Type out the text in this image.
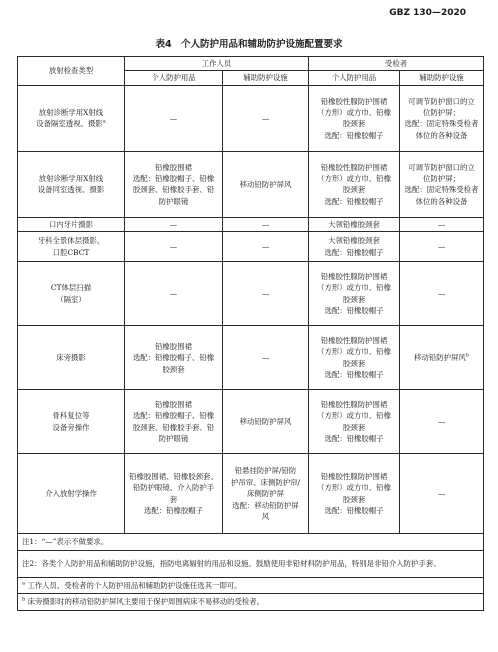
GBZ 130—2020
表4　个人防护用品和辅助防护设施配置要求
放射检查类型	工作人员		受检者	
	个人防护用品	辅助防护设施	个人防护用品	辅助防护设施
放射诊断学用X射线
设备隔室透视、摄影$^a$	—	—	铅橡胶性腺防护围裙
（方形）或方巾、铅橡
胶颈套
选配：铅橡胶帽子	可调节防护窗口的立
位防护屏；
选配：固定特殊受检者
体位的各种设备
放射诊断学用X射线
设备同室透视、摄影	铅橡胶围裙
选配：铅橡胶帽子、铅橡
胶颈套、铅橡胶手套、铅
防护眼镜	移动铅防护屏风	铅橡胶性腺防护围裙
（方形）或方巾、铅橡
胶颈套
选配：铅橡胶帽子	可调节防护窗口的立
位防护屏；
选配：固定特殊受检者
体位的各种设备
口内牙片摄影	—	—	大领铅橡胶颈套	—
牙科全景体层摄影，
口腔CBCT	—	—	大领铅橡胶颈套
选配：铅橡胶帽子	—
CT体层扫描
（隔室）	—	—	铅橡胶性腺防护围裙
（方形）或方巾、铅橡
胶颈套
选配：铅橡胶帽子	—
床旁摄影	铅橡胶围裙
选配：铅橡胶帽子、铅橡
胶颈套	—	铅橡胶性腺防护围裙
（方形）或方巾、铅橡
胶颈套
选配：铅橡胶帽子	移动铅防护屏风$^b$
骨科复位等
设备旁操作	铅橡胶围裙
选配：铅橡胶帽子、铅橡
胶颈套、铅橡胶手套、铅
防护眼镜	移动铅防护屏风	铅橡胶性腺防护围裙
（方形）或方巾、铅橡
胶颈套
选配：铅橡胶帽子	—
介入放射学操作	铅橡胶围裙、铅橡胶颈套、
铅防护眼镜、介入防护手
套
选配：铅橡胶帽子	铅悬挂防护屏/铅防
护吊帘、床侧防护帘/
床侧防护屏
选配：移动铅防护屏
风	铅橡胶性腺防护围裙
（方形）或方巾、铅橡
胶颈套
选配：铅橡胶帽子	—
注1：“—”表示不做要求。				
注2：各类个人防护用品和辅助防护设施，指防电离辐射的用品和设施。鼓励使用非铅材料防护用品，特别是非铅介入防护手套。				
$^a$ 工作人员、受检者的个人防护用品和辅助防护设施任选其一即可。				
$^b$ 床旁摄影时的移动铅防护屏风主要用于保护周围病床不易移动的受检者。				
